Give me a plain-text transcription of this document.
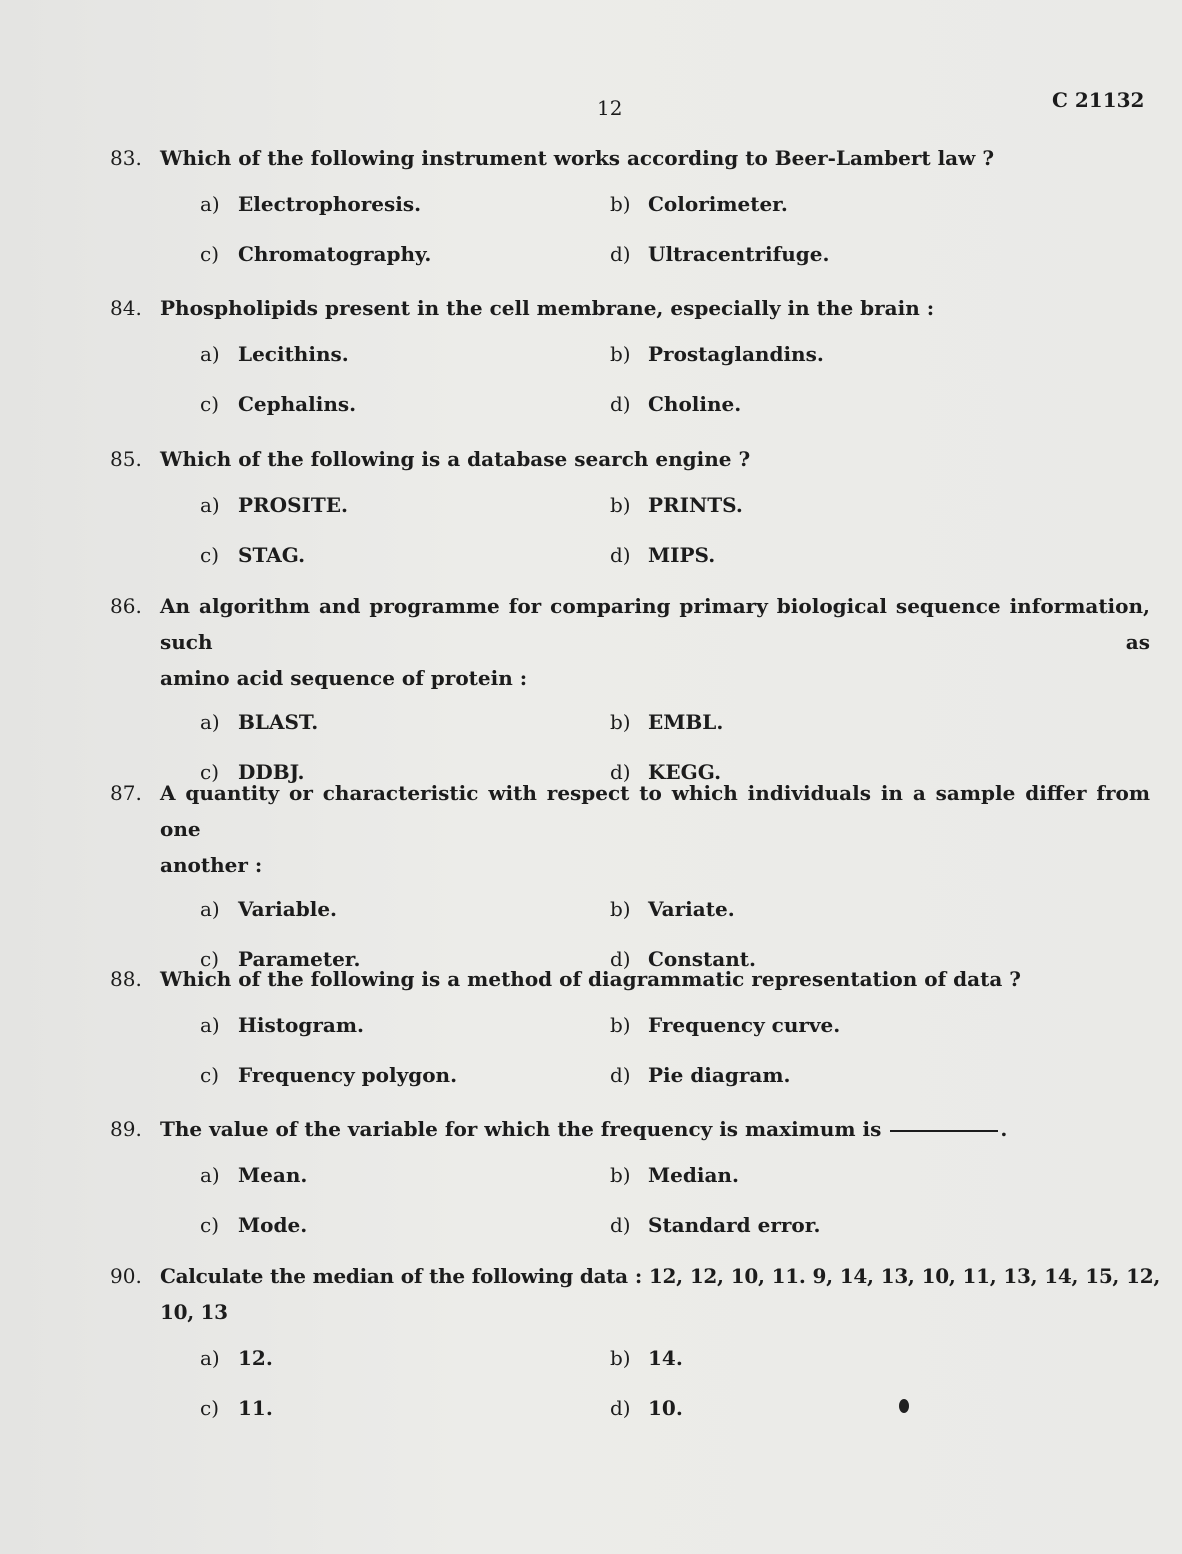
12	C 21132
83. Which of the following instrument works according to Beer-Lambert law ?
a) Electrophoresis.	b) Colorimeter.
c) Chromatography.	d) Ultracentrifuge.
84. Phospholipids present in the cell membrane, especially in the brain :
a) Lecithins.	b) Prostaglandins.
c) Cephalins.	d) Choline.
85. Which of the following is a database search engine ?
a) PROSITE.	b) PRINTS.
c) STAG.	d) MIPS.
86. An algorithm and programme for comparing primary biological sequence information, such as
amino acid sequence of protein :
a) BLAST.	b) EMBL.
c) DDBJ.	d) KEGG.
87. A quantity or characteristic with respect to which individuals in a sample differ from one
another :
a) Variable.	b) Variate.
c) Parameter.	d) Constant.
88. Which of the following is a method of diagrammatic representation of data ?
a) Histogram.	b) Frequency curve.
c) Frequency polygon.	d) Pie diagram.
89. The value of the variable for which the frequency is maximum is	.
a) Mean.	b) Median.
c) Mode.	d) Standard error.
90. Calculate the median of the following data : 12, 12, 10, 11. 9, 14, 13, 10, 11, 13, 14, 15, 12, 10, 13
a) 12.	b) 14.
c) 11.	d) 10.
